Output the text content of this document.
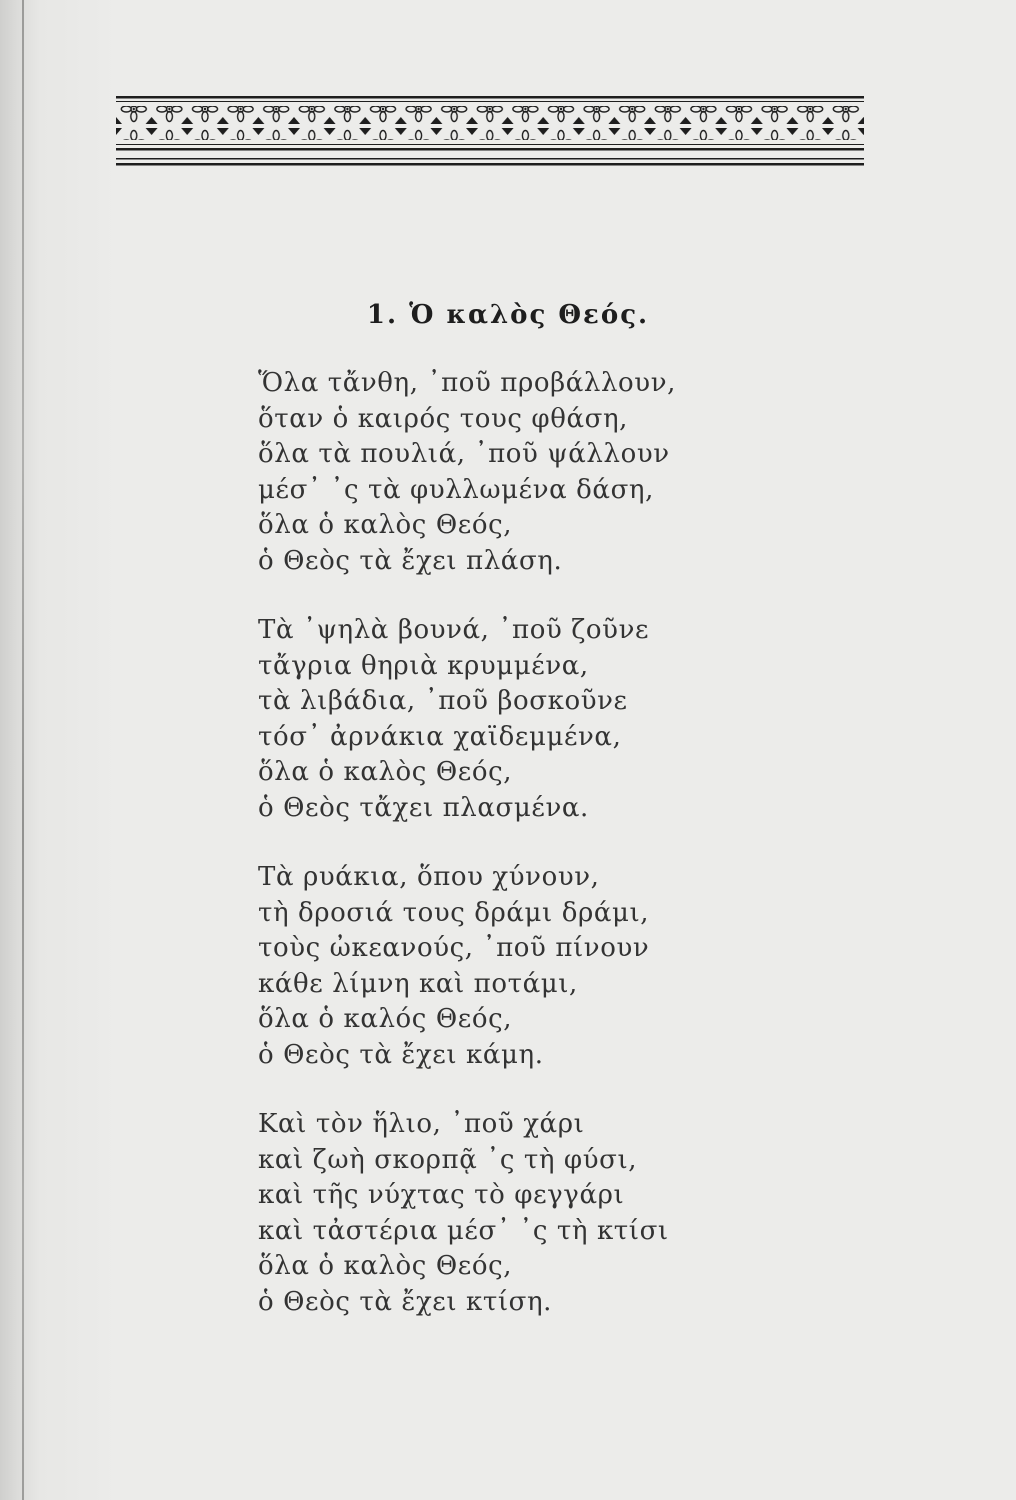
1. Ὁ καλὸς Θεός.
Ὅλα τἄνθη, ᾿ποῦ προβάλλουν,
ὅταν ὁ καιρός τους φθάση,
ὅλα τὰ πουλιά, ᾿ποῦ ψάλλουν
μέσ᾿ ᾿ς τὰ φυλλωμένα δάση,
ὅλα ὁ καλὸς Θεός,
ὁ Θεὸς τὰ ἔχει πλάση.
Τὰ ᾿ψηλὰ βουνά, ᾿ποῦ ζοῦνε
τἄγρια θηριὰ κρυμμένα,
τὰ λιβάδια, ᾿ποῦ βοσκοῦνε
τόσ᾿ ἀρνάκια χαϊδεμμένα,
ὅλα ὁ καλὸς Θεός,
ὁ Θεὸς τἄχει πλασμένα.
Τὰ ρυάκια, ὅπου χύνουν,
τὴ δροσιά τους δράμι δράμι,
τοὺς ὠκεανούς, ᾿ποῦ πίνουν
κάθε λίμνη καὶ ποτάμι,
ὅλα ὁ καλός Θεός,
ὁ Θεὸς τὰ ἔχει κάμη.
Καὶ τὸν ἥλιο, ᾿ποῦ χάρι
καὶ ζωὴ σκορπᾷ ᾿ς τὴ φύσι,
καὶ τῆς νύχτας τὸ φεγγάρι
καὶ τἀστέρια μέσ᾿ ᾿ς τὴ κτίσι
ὅλα ὁ καλὸς Θεός,
ὁ Θεὸς τὰ ἔχει κτίση.
